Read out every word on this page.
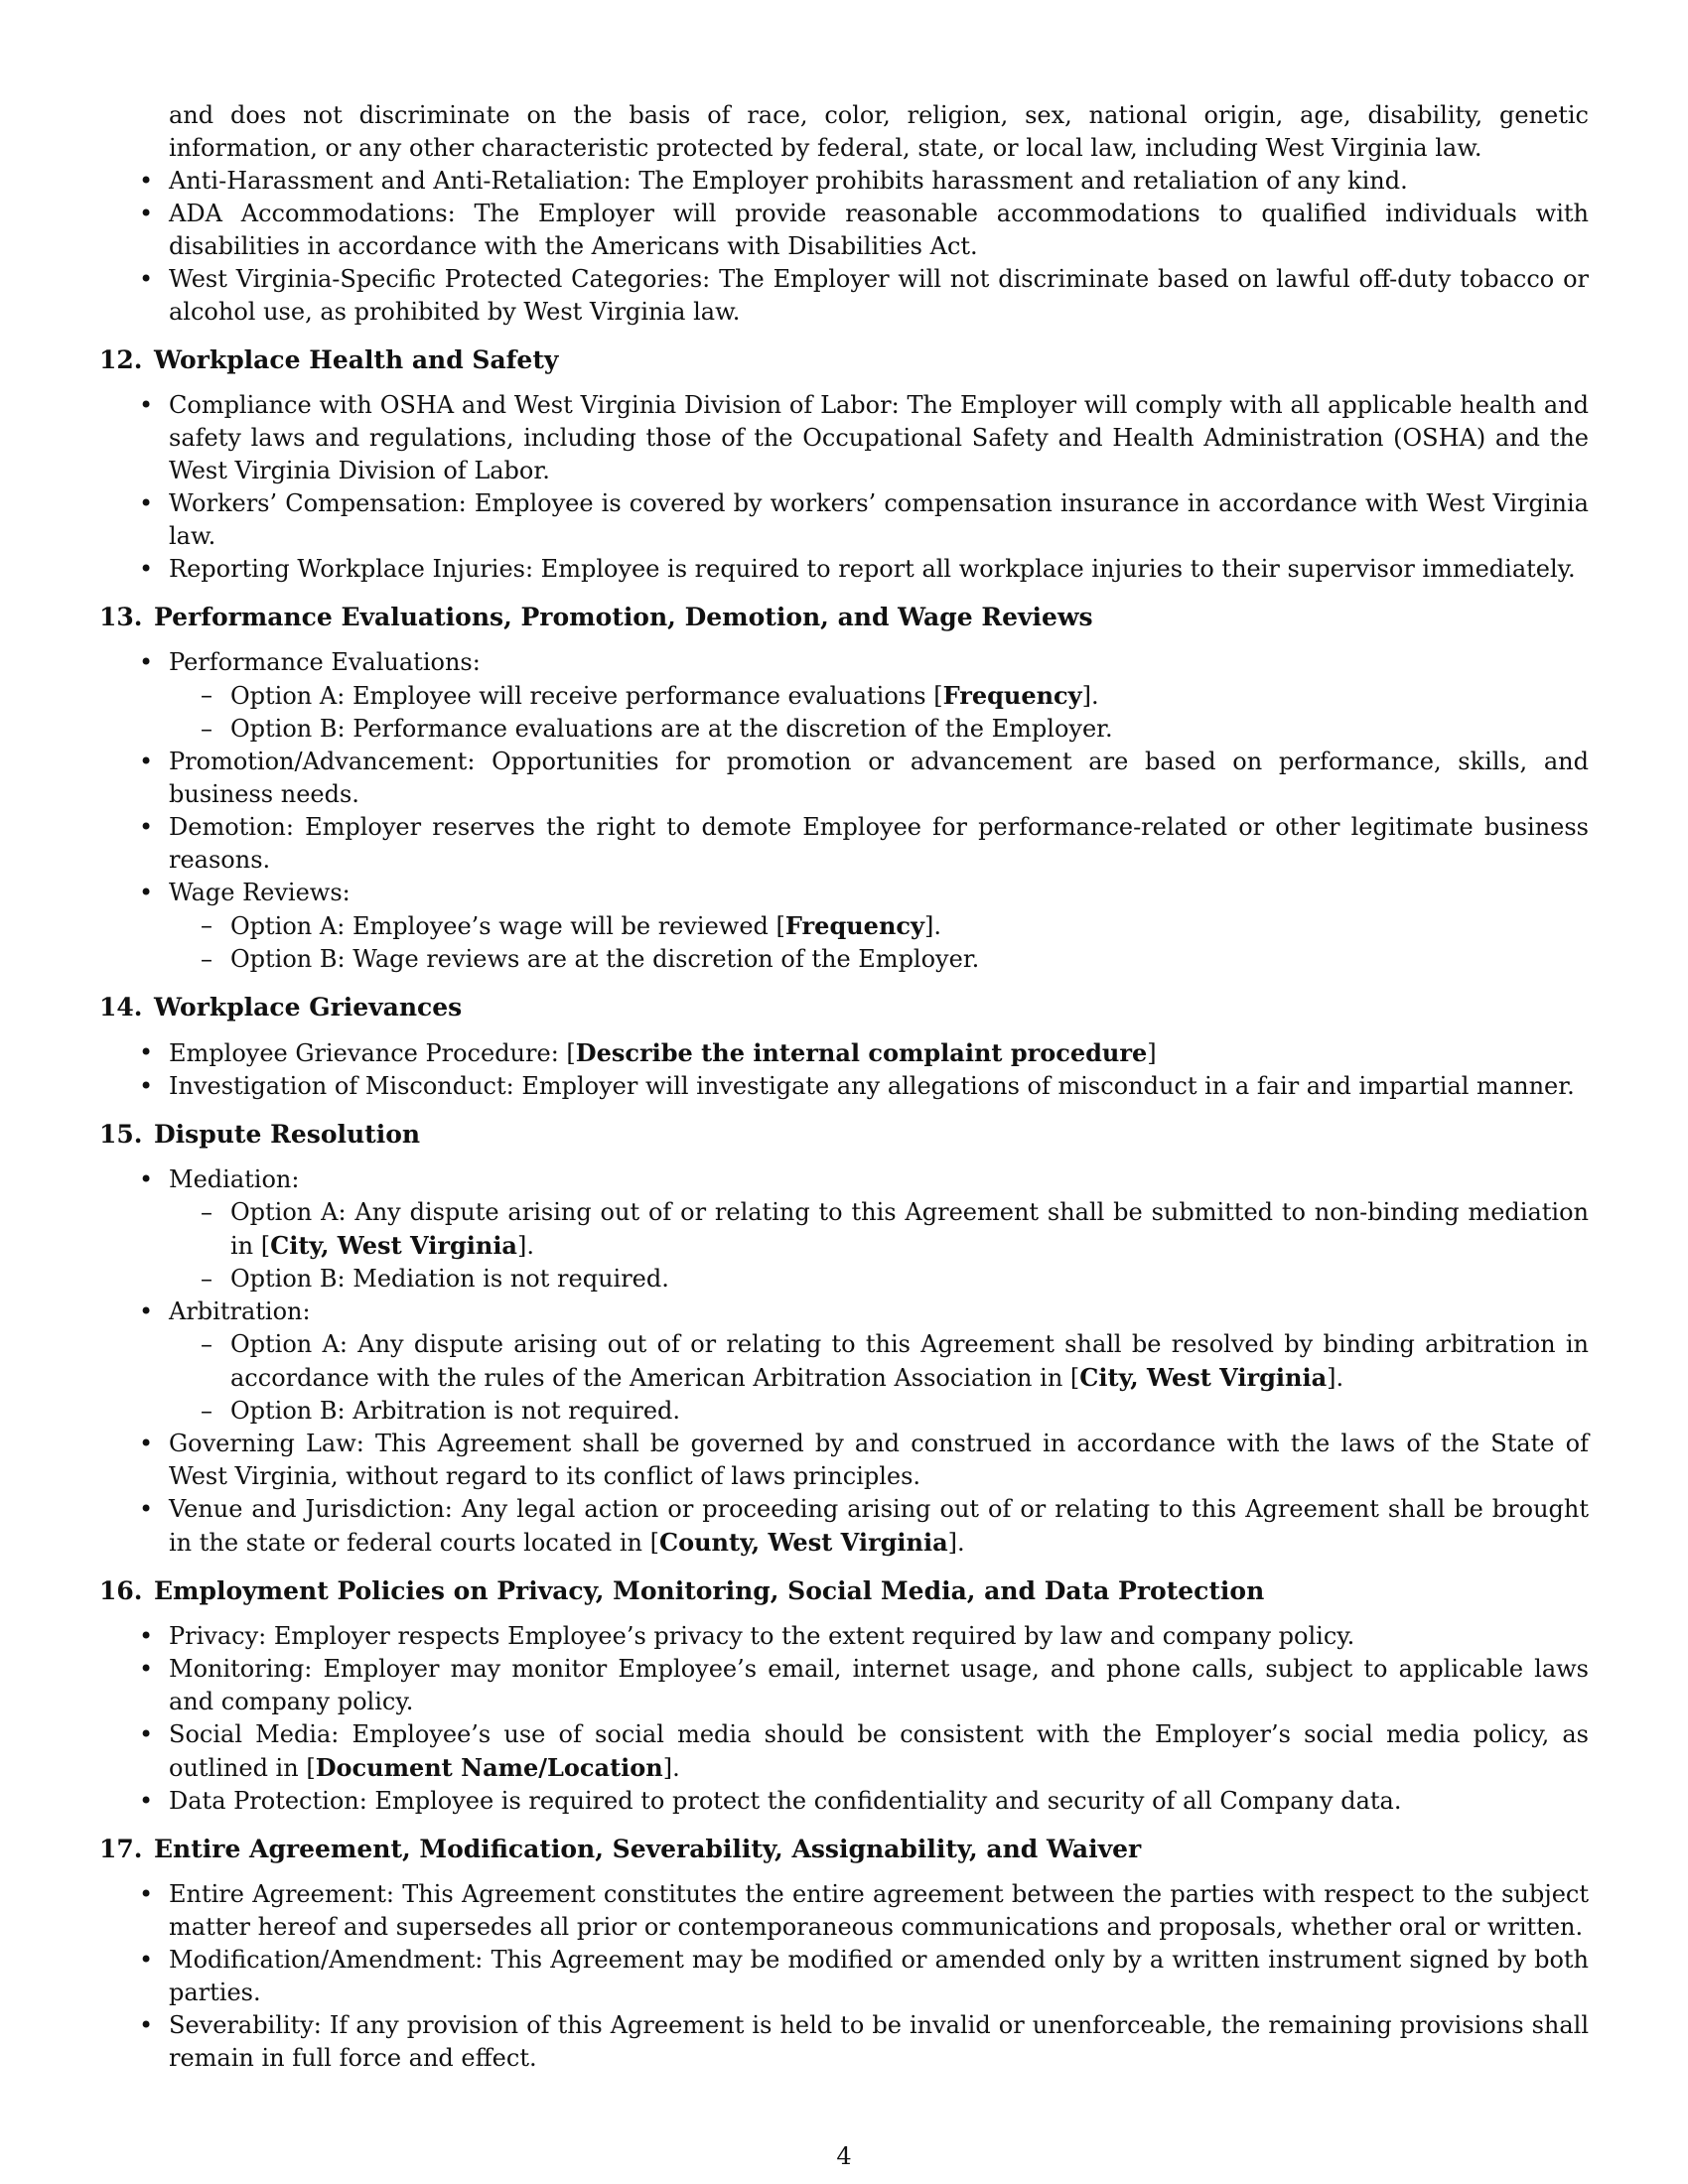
and does not discriminate on the basis of race, color, religion, sex, national origin, age, disability, genetic information, or any other characteristic protected by federal, state, or local law, including West Virginia law.
• Anti-Harassment and Anti-Retaliation: The Employer prohibits harassment and retaliation of any kind.
• ADA Accommodations: The Employer will provide reasonable accommodations to qualified individuals with disabilities in accordance with the Americans with Disabilities Act.
• West Virginia-Specific Protected Categories: The Employer will not discriminate based on lawful off-duty tobacco or alcohol use, as prohibited by West Virginia law.
12. Workplace Health and Safety
• Compliance with OSHA and West Virginia Division of Labor: The Employer will comply with all applicable health and safety laws and regulations, including those of the Occupational Safety and Health Administration (OSHA) and the West Virginia Division of Labor.
• Workers’ Compensation: Employee is covered by workers’ compensation insurance in accordance with West Virginia law.
• Reporting Workplace Injuries: Employee is required to report all workplace injuries to their supervisor immediately.
13. Performance Evaluations, Promotion, Demotion, and Wage Reviews
• Performance Evaluations:
– Option A: Employee will receive performance evaluations [Frequency].
– Option B: Performance evaluations are at the discretion of the Employer.
• Promotion/Advancement: Opportunities for promotion or advancement are based on performance, skills, and business needs.
• Demotion: Employer reserves the right to demote Employee for performance-related or other legitimate business reasons.
• Wage Reviews:
– Option A: Employee’s wage will be reviewed [Frequency].
– Option B: Wage reviews are at the discretion of the Employer.
14. Workplace Grievances
• Employee Grievance Procedure: [Describe the internal complaint procedure]
• Investigation of Misconduct: Employer will investigate any allegations of misconduct in a fair and impartial manner.
15. Dispute Resolution
• Mediation:
– Option A: Any dispute arising out of or relating to this Agreement shall be submitted to non-binding mediation in [City, West Virginia].
– Option B: Mediation is not required.
• Arbitration:
– Option A: Any dispute arising out of or relating to this Agreement shall be resolved by binding arbitration in accordance with the rules of the American Arbitration Association in [City, West Virginia].
– Option B: Arbitration is not required.
• Governing Law: This Agreement shall be governed by and construed in accordance with the laws of the State of West Virginia, without regard to its conflict of laws principles.
• Venue and Jurisdiction: Any legal action or proceeding arising out of or relating to this Agreement shall be brought in the state or federal courts located in [County, West Virginia].
16. Employment Policies on Privacy, Monitoring, Social Media, and Data Protection
• Privacy: Employer respects Employee’s privacy to the extent required by law and company policy.
• Monitoring: Employer may monitor Employee’s email, internet usage, and phone calls, subject to applicable laws and company policy.
• Social Media: Employee’s use of social media should be consistent with the Employer’s social media policy, as outlined in [Document Name/Location].
• Data Protection: Employee is required to protect the confidentiality and security of all Company data.
17. Entire Agreement, Modification, Severability, Assignability, and Waiver
• Entire Agreement: This Agreement constitutes the entire agreement between the parties with respect to the subject matter hereof and supersedes all prior or contemporaneous communications and proposals, whether oral or written.
• Modification/Amendment: This Agreement may be modified or amended only by a written instrument signed by both parties.
• Severability: If any provision of this Agreement is held to be invalid or unenforceable, the remaining provisions shall remain in full force and effect.
4
